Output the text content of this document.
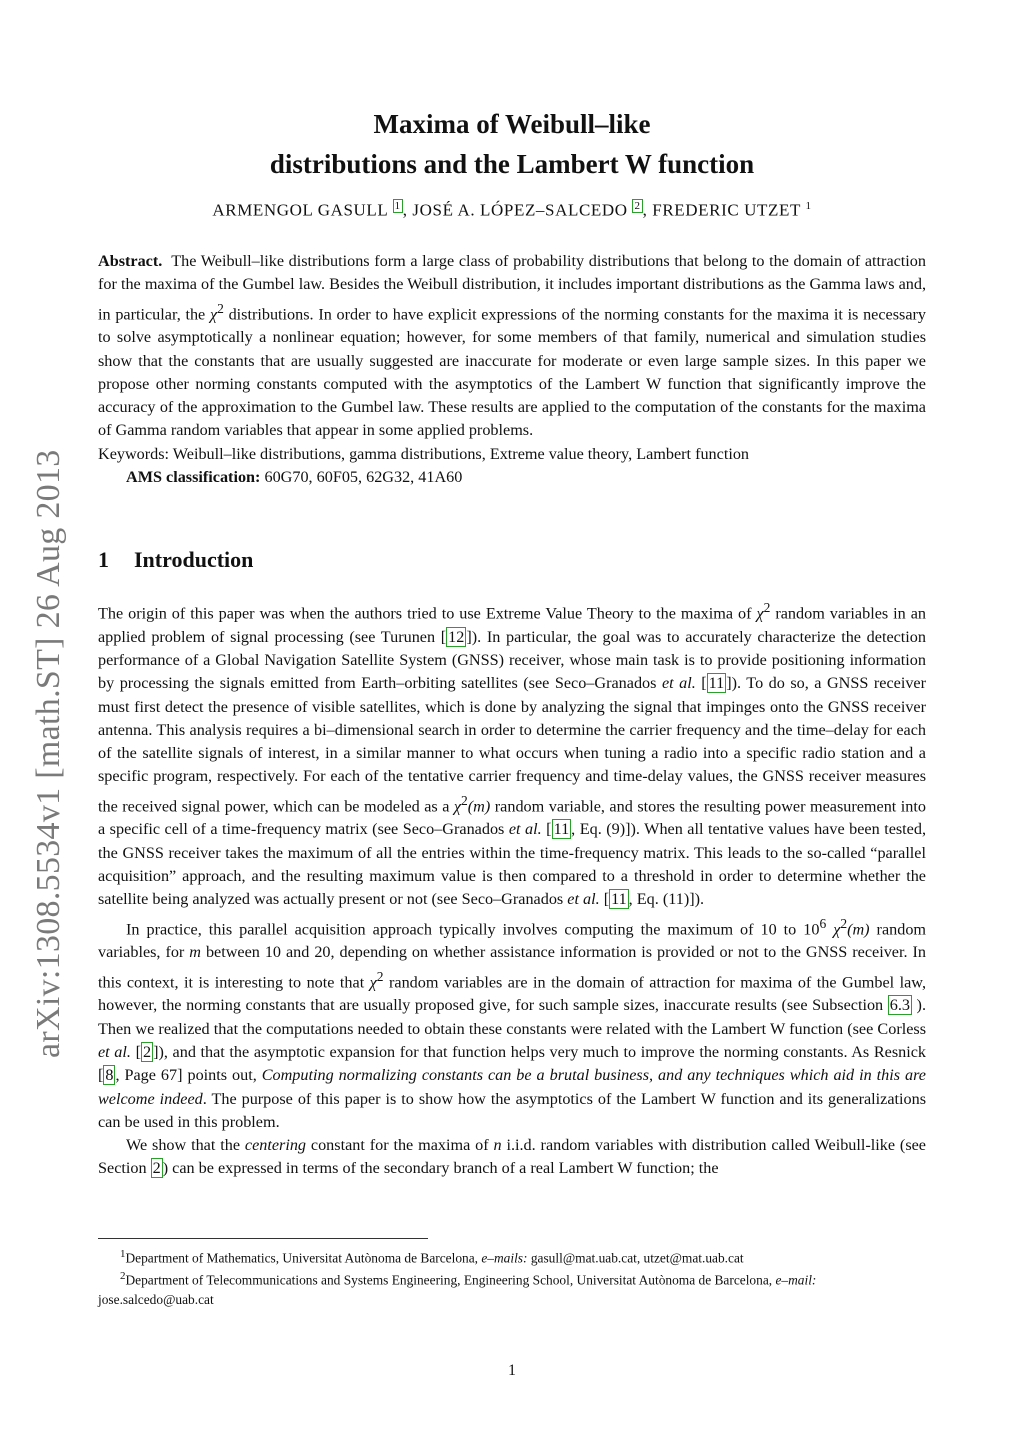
arXiv:1308.5534v1 [math.ST] 26 Aug 2013
Maxima of Weibull–like
distributions and the Lambert W function
ARMENGOL GASULL $^1$ , JOSÉ A. LÓPEZ–SALCEDO $^2$ , FREDERIC UTZET $^1$

Abstract. The Weibull–like distributions form a large class of probability distributions that belong to the domain of attraction for the maxima of the Gumbel law. Besides the Weibull distribution, it includes important distributions as the Gamma laws and, in particular, the $\chi^2$ distributions. In order to have explicit expressions of the norming constants for the maxima it is necessary to solve asymptotically a nonlinear equation; however, for some members of that family, numerical and simulation studies show that the constants that are usually suggested are inaccurate for moderate or even large sample sizes. In this paper we propose other norming constants computed with the asymptotics of the Lambert W function that significantly improve the accuracy of the approximation to the Gumbel law. These results are applied to the computation of the constants for the maxima of Gamma random variables that appear in some applied problems.

Keywords: Weibull–like distributions, gamma distributions, Extreme value theory, Lambert function

AMS classification: 60G70, 60F05, 62G32, 41A60

1 Introduction

The origin of this paper was when the authors tried to use Extreme Value Theory to the maxima of $\chi^2$ random variables in an applied problem of signal processing (see Turunen [ 12 ]). In particular, the goal was to accurately characterize the detection performance of a Global Navigation Satellite System (GNSS) receiver, whose main task is to provide positioning information by processing the signals emitted from Earth–orbiting satellites (see Seco–Granados et al. [ 11 ]). To do so, a GNSS receiver must first detect the presence of visible satellites, which is done by analyzing the signal that impinges onto the GNSS receiver antenna. This analysis requires a bi–dimensional search in order to determine the carrier frequency and the time–delay for each of the satellite signals of interest, in a similar manner to what occurs when tuning a radio into a specific radio station and a specific program, respectively. For each of the tentative carrier frequency and time-delay values, the GNSS receiver measures the received signal power, which can be modeled as a $\chi^2(m)$ random variable, and stores the resulting power measurement into a specific cell of a time-frequency matrix (see Seco–Granados et al. [ 11 , Eq. (9)]). When all tentative values have been tested, the GNSS receiver takes the maximum of all the entries within the time-frequency matrix. This leads to the so-called “parallel acquisition” approach, and the resulting maximum value is then compared to a threshold in order to determine whether the satellite being analyzed was actually present or not (see Seco–Granados et al. [ 11 , Eq. (11)]).

In practice, this parallel acquisition approach typically involves computing the maximum of 10 to $10^6$ $\chi^2(m)$ random variables, for m between 10 and 20, depending on whether assistance information is provided or not to the GNSS receiver. In this context, it is interesting to note that $\chi^2$ random variables are in the domain of attraction for maxima of the Gumbel law, however, the norming constants that are usually proposed give, for such sample sizes, inaccurate results (see Subsection 6.3 ). Then we realized that the computations needed to obtain these constants were related with the Lambert W function (see Corless et al. [ 2 ]), and that the asymptotic expansion for that function helps very much to improve the norming constants. As Resnick [ 8 , Page 67] points out, Computing normalizing constants can be a brutal business, and any techniques which aid in this are welcome indeed. The purpose of this paper is to show how the asymptotics of the Lambert W function and its generalizations can be used in this problem.

We show that the centering constant for the maxima of n i.i.d. random variables with distribution called Weibull-like (see Section 2 ) can be expressed in terms of the secondary branch of a real Lambert W function; the

$^1$Department of Mathematics, Universitat Autònoma de Barcelona, e–mails: gasull@mat.uab.cat, utzet@mat.uab.cat

$^2$Department of Telecommunications and Systems Engineering, Engineering School, Universitat Autònoma de Barcelona, e–mail: jose.salcedo@uab.cat

1
